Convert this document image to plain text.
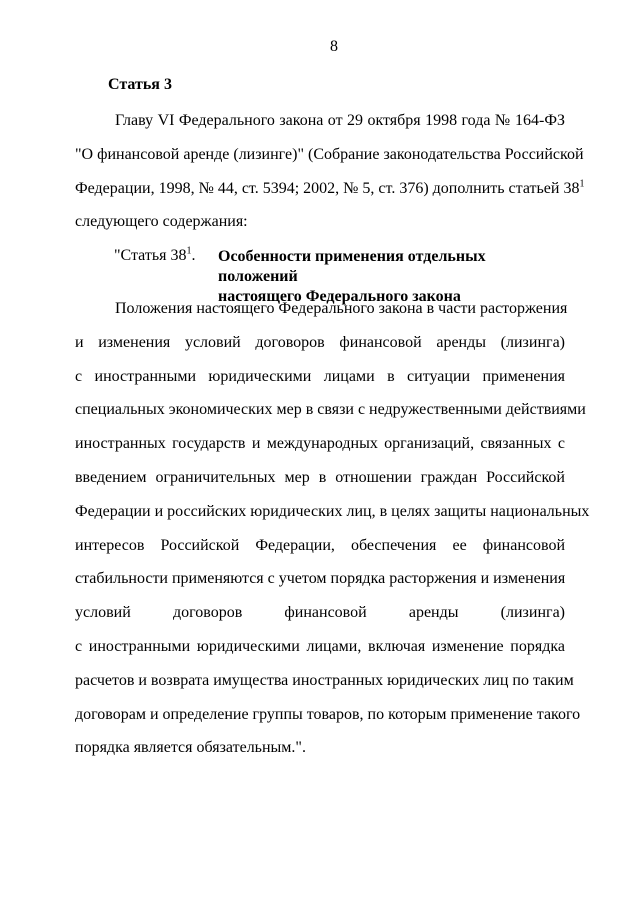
8
Статья 3
Главу VI Федерального закона от 29 октября 1998 года № 164-ФЗ
"О финансовой аренде (лизинге)" (Собрание законодательства Российской
Федерации, 1998, № 44, ст. 5394; 2002, № 5, ст. 376) дополнить статьей $38^1$
следующего содержания:
"Статья $38^1$. Особенности применения отдельных положений
настоящего Федерального закона
Положения настоящего Федерального закона в части расторжения
и изменения условий договоров финансовой аренды (лизинга)
с иностранными юридическими лицами в ситуации применения
специальных экономических мер в связи с недружественными действиями
иностранных государств и международных организаций, связанных с
введением ограничительных мер в отношении граждан Российской
Федерации и российских юридических лиц, в целях защиты национальных
интересов Российской Федерации, обеспечения ее финансовой
стабильности применяются с учетом порядка расторжения и изменения
условий договоров финансовой аренды (лизинга)
с иностранными юридическими лицами, включая изменение порядка
расчетов и возврата имущества иностранных юридических лиц по таким
договорам и определение группы товаров, по которым применение такого
порядка является обязательным.".
